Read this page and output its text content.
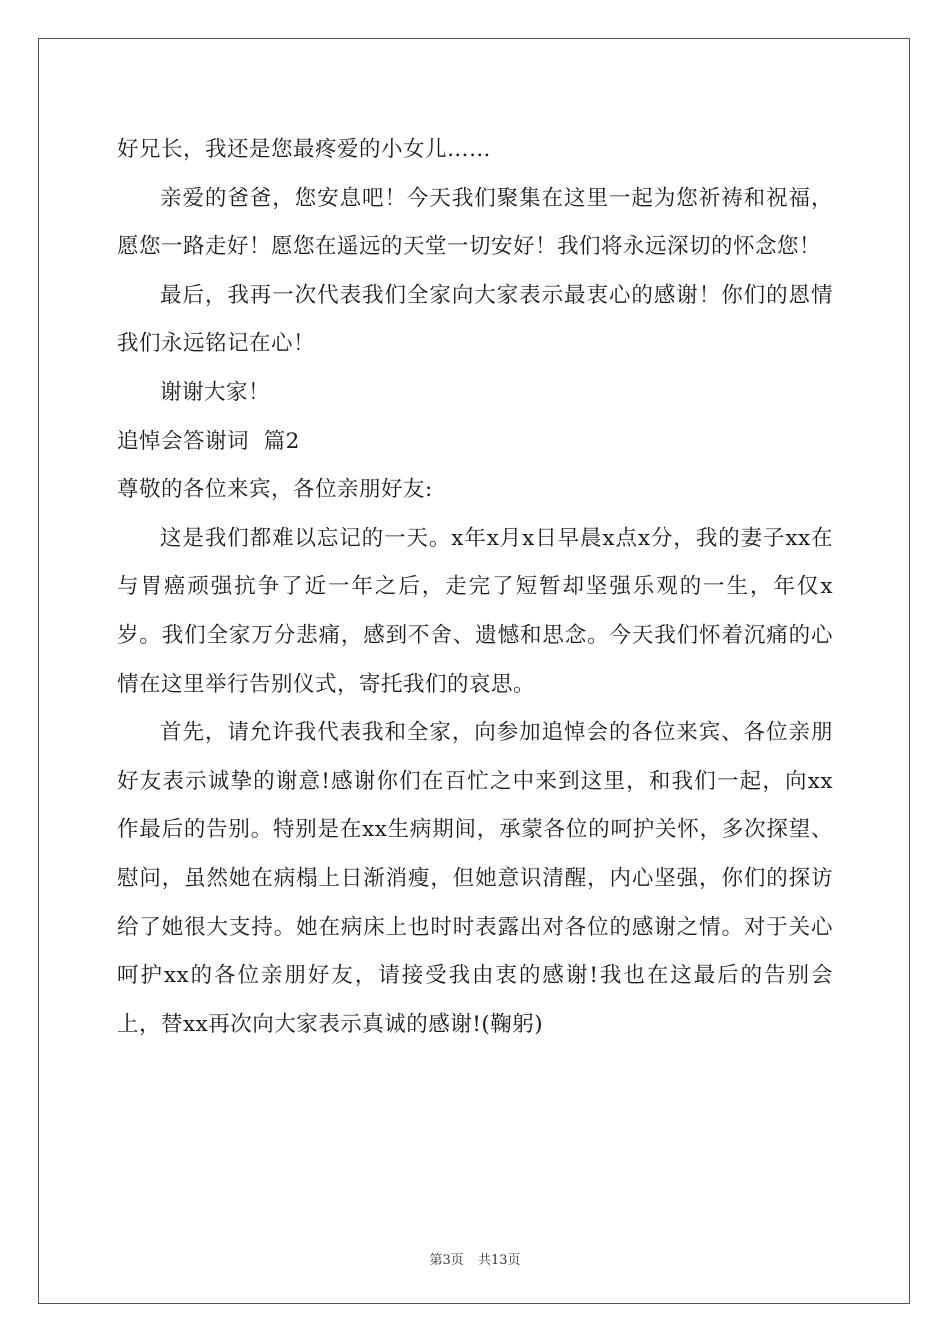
好兄长，我还是您最疼爱的小女儿……

亲爱的爸爸，您安息吧！今天我们聚集在这里一起为您祈祷和祝福，愿您一路走好！愿您在遥远的天堂一切安好！我们将永远深切的怀念您！

最后，我再一次代表我们全家向大家表示最衷心的感谢！你们的恩情我们永远铭记在心！

谢谢大家！

追悼会答谢词  篇2

尊敬的各位来宾，各位亲朋好友:

这是我们都难以忘记的一天。x年x月x日早晨x点x分，我的妻子xx在与胃癌顽强抗争了近一年之后，走完了短暂却坚强乐观的一生，年仅x岁。我们全家万分悲痛，感到不舍、遗憾和思念。今天我们怀着沉痛的心情在这里举行告别仪式，寄托我们的哀思。

首先，请允许我代表我和全家，向参加追悼会的各位来宾、各位亲朋好友表示诚挚的谢意!感谢你们在百忙之中来到这里，和我们一起，向xx作最后的告别。特别是在xx生病期间，承蒙各位的呵护关怀，多次探望、慰问，虽然她在病榻上日渐消瘦，但她意识清醒，内心坚强，你们的探访给了她很大支持。她在病床上也时时表露出对各位的感谢之情。对于关心呵护xx的各位亲朋好友，请接受我由衷的感谢!我也在这最后的告别会上，替xx再次向大家表示真诚的感谢!(鞠躬)

第3页 共13页
